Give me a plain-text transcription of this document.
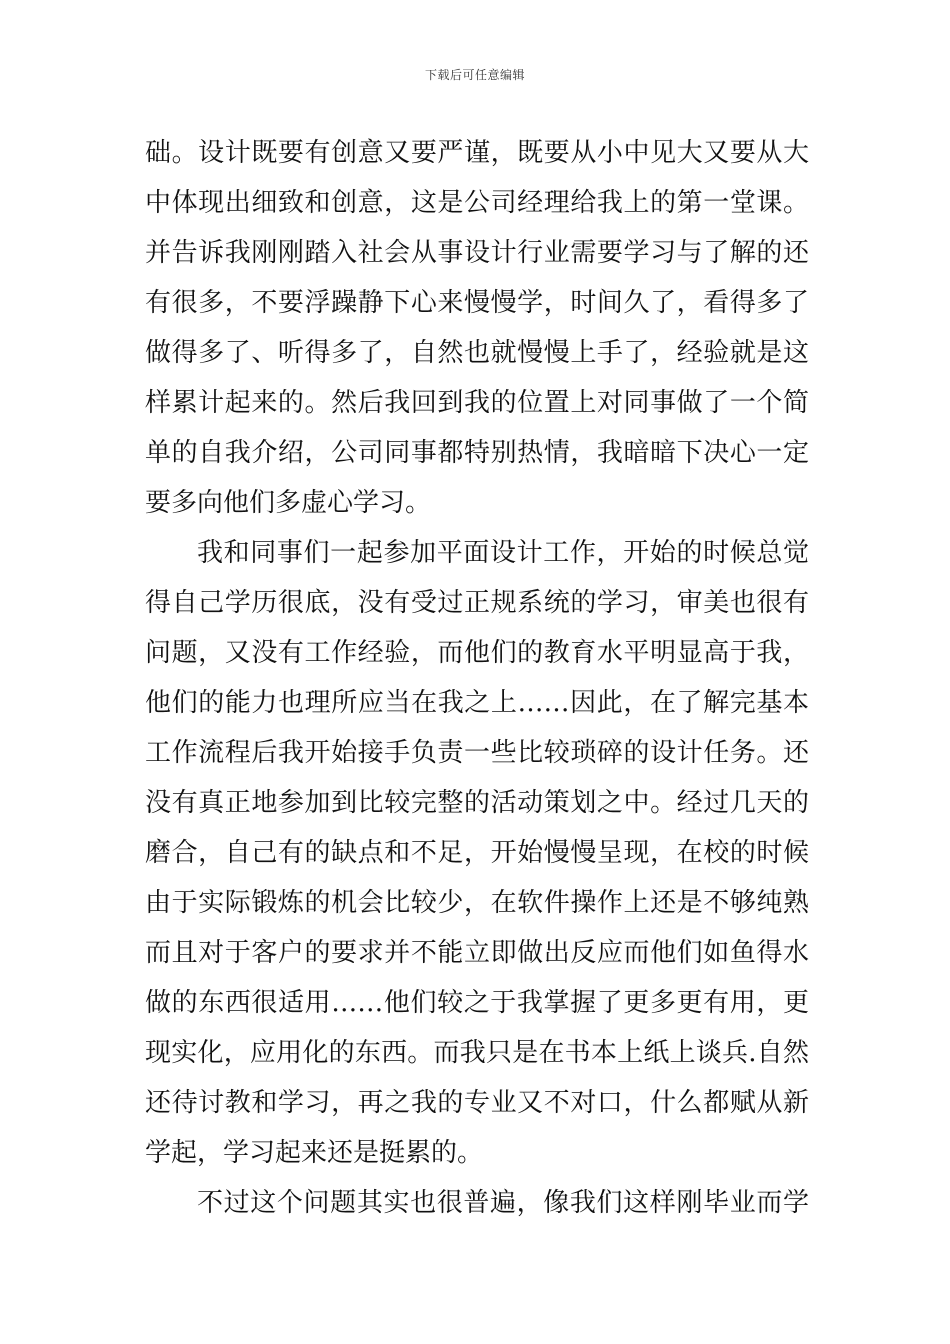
下载后可任意编辑
础。设计既要有创意又要严谨，既要从小中见大又要从大
中体现出细致和创意，这是公司经理给我上的第一堂课。
并告诉我刚刚踏入社会从事设计行业需要学习与了解的还
有很多，不要浮躁静下心来慢慢学，时间久了，看得多了
做得多了、听得多了，自然也就慢慢上手了，经验就是这
样累计起来的。然后我回到我的位置上对同事做了一个简
单的自我介绍，公司同事都特别热情，我暗暗下决心一定
要多向他们多虚心学习。
我和同事们一起参加平面设计工作，开始的时候总觉
得自己学历很底，没有受过正规系统的学习，审美也很有
问题，又没有工作经验，而他们的教育水平明显高于我，
他们的能力也理所应当在我之上……因此，在了解完基本
工作流程后我开始接手负责一些比较琐碎的设计任务。还
没有真正地参加到比较完整的活动策划之中。经过几天的
磨合，自己有的缺点和不足，开始慢慢呈现，在校的时候
由于实际锻炼的机会比较少，在软件操作上还是不够纯熟
而且对于客户的要求并不能立即做出反应而他们如鱼得水
做的东西很适用……他们较之于我掌握了更多更有用，更
现实化，应用化的东西。而我只是在书本上纸上谈兵.自然
还待讨教和学习，再之我的专业又不对口，什么都赋从新
学起，学习起来还是挺累的。
不过这个问题其实也很普遍，像我们这样刚毕业而学
